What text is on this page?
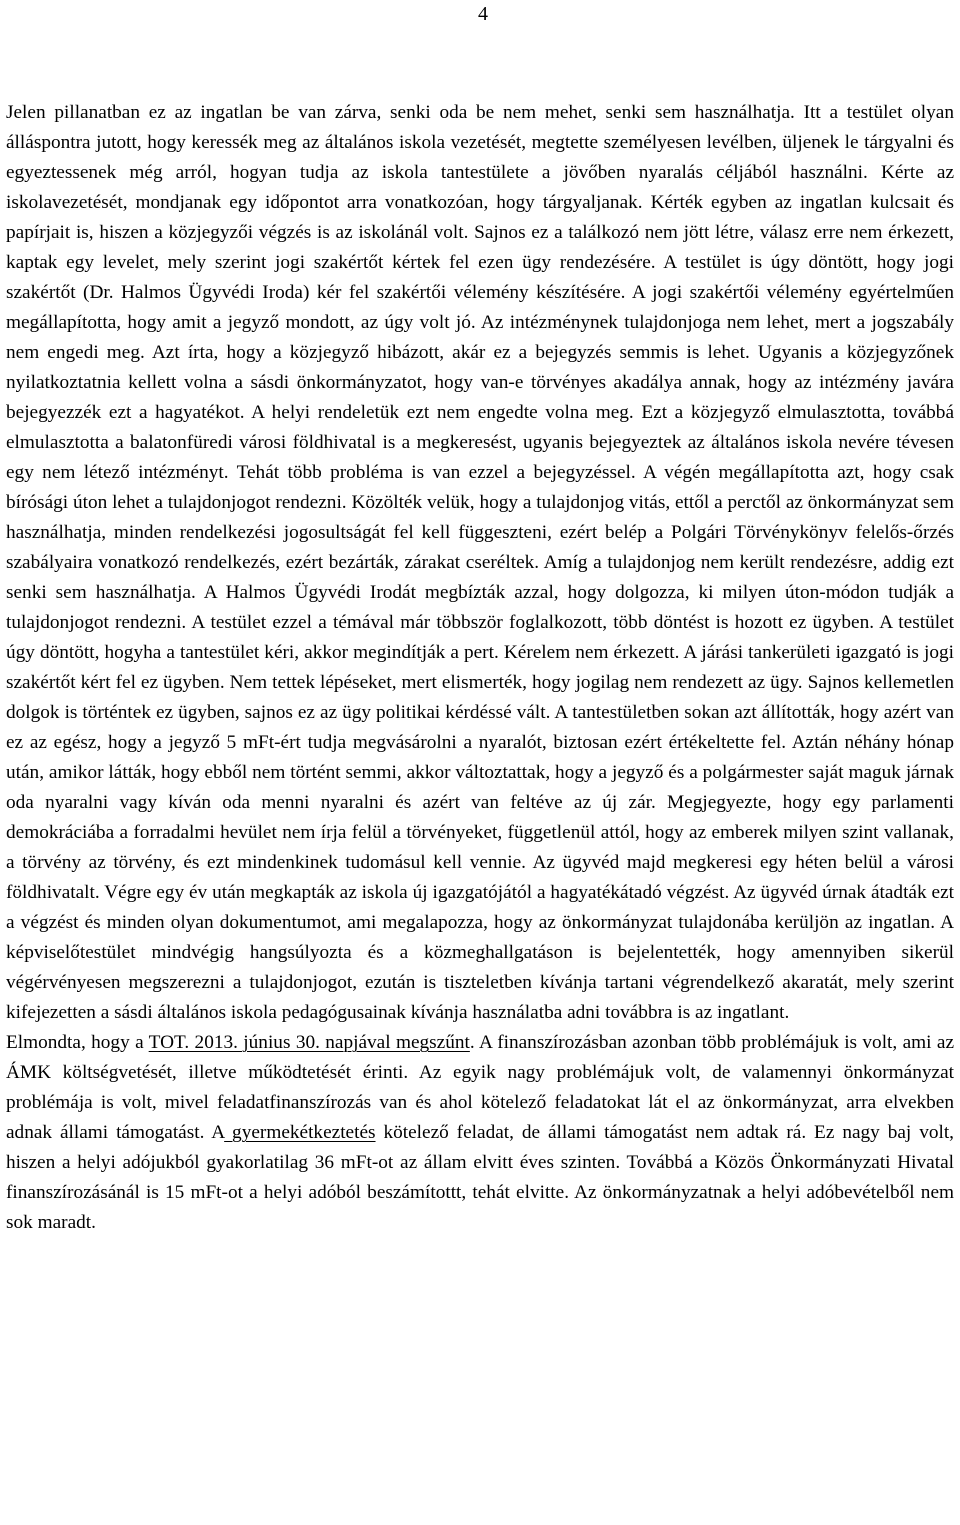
4

Jelen pillanatban ez az ingatlan be van zárva, senki oda be nem mehet, senki sem használhatja. Itt a testület olyan álláspontra jutott, hogy keressék meg az általános iskola vezetését, megtette személyesen levélben, üljenek le tárgyalni és egyeztessenek még arról, hogyan tudja az iskola tantestülete a jövőben nyaralás céljából használni. Kérte az iskolavezetését, mondjanak egy időpontot arra vonatkozóan, hogy tárgyaljanak. Kérték egyben az ingatlan kulcsait és papírjait is, hiszen a közjegyzői végzés is az iskolánál volt. Sajnos ez a találkozó nem jött létre, válasz erre nem érkezett, kaptak egy levelet, mely szerint jogi szakértőt kértek fel ezen ügy rendezésére. A testület is úgy döntött, hogy jogi szakértőt (Dr. Halmos Ügyvédi Iroda) kér fel szakértői vélemény készítésére. A jogi szakértői vélemény egyértelműen megállapította, hogy amit a jegyző mondott, az úgy volt jó. Az intézménynek tulajdonjoga nem lehet, mert a jogszabály nem engedi meg. Azt írta, hogy a közjegyző hibázott, akár ez a bejegyzés semmis is lehet. Ugyanis a közjegyzőnek nyilatkoztatnia kellett volna a sásdi önkormányzatot, hogy van-e törvényes akadálya annak, hogy az intézmény javára bejegyezzék ezt a hagyatékot. A helyi rendeletük ezt nem engedte volna meg. Ezt a közjegyző elmulasztotta, továbbá elmulasztotta a balatonfüredi városi földhivatal is a megkeresést, ugyanis bejegyeztek az általános iskola nevére tévesen egy nem létező intézményt. Tehát több probléma is van ezzel a bejegyzéssel. A végén megállapította azt, hogy csak bírósági úton lehet a tulajdonjogot rendezni. Közölték velük, hogy a tulajdonjog vitás, ettől a perctől az önkormányzat sem használhatja, minden rendelkezési jogosultságát fel kell függeszteni, ezért belép a Polgári Törvénykönyv felelős-őrzés szabályaira vonatkozó rendelkezés, ezért bezárták, zárakat cseréltek. Amíg a tulajdonjog nem került rendezésre, addig ezt senki sem használhatja. A Halmos Ügyvédi Irodát megbízták azzal, hogy dolgozza, ki milyen úton-módon tudják a tulajdonjogot rendezni. A testület ezzel a témával már többször foglalkozott, több döntést is hozott ez ügyben. A testület úgy döntött, hogyha a tantestület kéri, akkor megindítják a pert. Kérelem nem érkezett. A járási tankerületi igazgató is jogi szakértőt kért fel ez ügyben. Nem tettek lépéseket, mert elismerték, hogy jogilag nem rendezett az ügy. Sajnos kellemetlen dolgok is történtek ez ügyben, sajnos ez az ügy politikai kérdéssé vált. A tantestületben sokan azt állították, hogy azért van ez az egész, hogy a jegyző 5 mFt-ért tudja megvásárolni a nyaralót, biztosan ezért értékeltette fel. Aztán néhány hónap után, amikor látták, hogy ebből nem történt semmi, akkor változtattak, hogy a jegyző és a polgármester saját maguk járnak oda nyaralni vagy kíván oda menni nyaralni és azért van feltéve az új zár. Megjegyezte, hogy egy parlamenti demokráciába a forradalmi hevület nem írja felül a törvényeket, függetlenül attól, hogy az emberek milyen szint vallanak, a törvény az törvény, és ezt mindenkinek tudomásul kell vennie. Az ügyvéd majd megkeresi egy héten belül a városi földhivatalt. Végre egy év után megkapták az iskola új igazgatójától a hagyatékátadó végzést. Az ügyvéd úrnak átadták ezt a végzést és minden olyan dokumentumot, ami megalapozza, hogy az önkormányzat tulajdonába kerüljön az ingatlan. A képviselőtestület mindvégig hangsúlyozta és a közmeghallgatáson is bejelentették, hogy amennyiben sikerül végérvényesen megszerezni a tulajdonjogot, ezután is tiszteletben kívánja tartani végrendelkező akaratát, mely szerint kifejezetten a sásdi általános iskola pedagógusainak kívánja használatba adni továbbra is az ingatlant.

Elmondta, hogy a TOT. 2013. június 30. napjával megszűnt. A finanszírozásban azonban több problémájuk is volt, ami az ÁMK költségvetését, illetve működtetését érinti. Az egyik nagy problémájuk volt, de valamennyi önkormányzat problémája is volt, mivel feladatfinanszírozás van és ahol kötelező feladatokat lát el az önkormányzat, arra elvekben adnak állami támogatást. A gyermekétkeztetés kötelező feladat, de állami támogatást nem adtak rá. Ez nagy baj volt, hiszen a helyi adójukból gyakorlatilag 36 mFt-ot az állam elvitt éves szinten. Továbbá a Közös Önkormányzati Hivatal finanszírozásánál is 15 mFt-ot a helyi adóból beszámítottt, tehát elvitte. Az önkormányzatnak a helyi adóbevételből nem sok maradt.
